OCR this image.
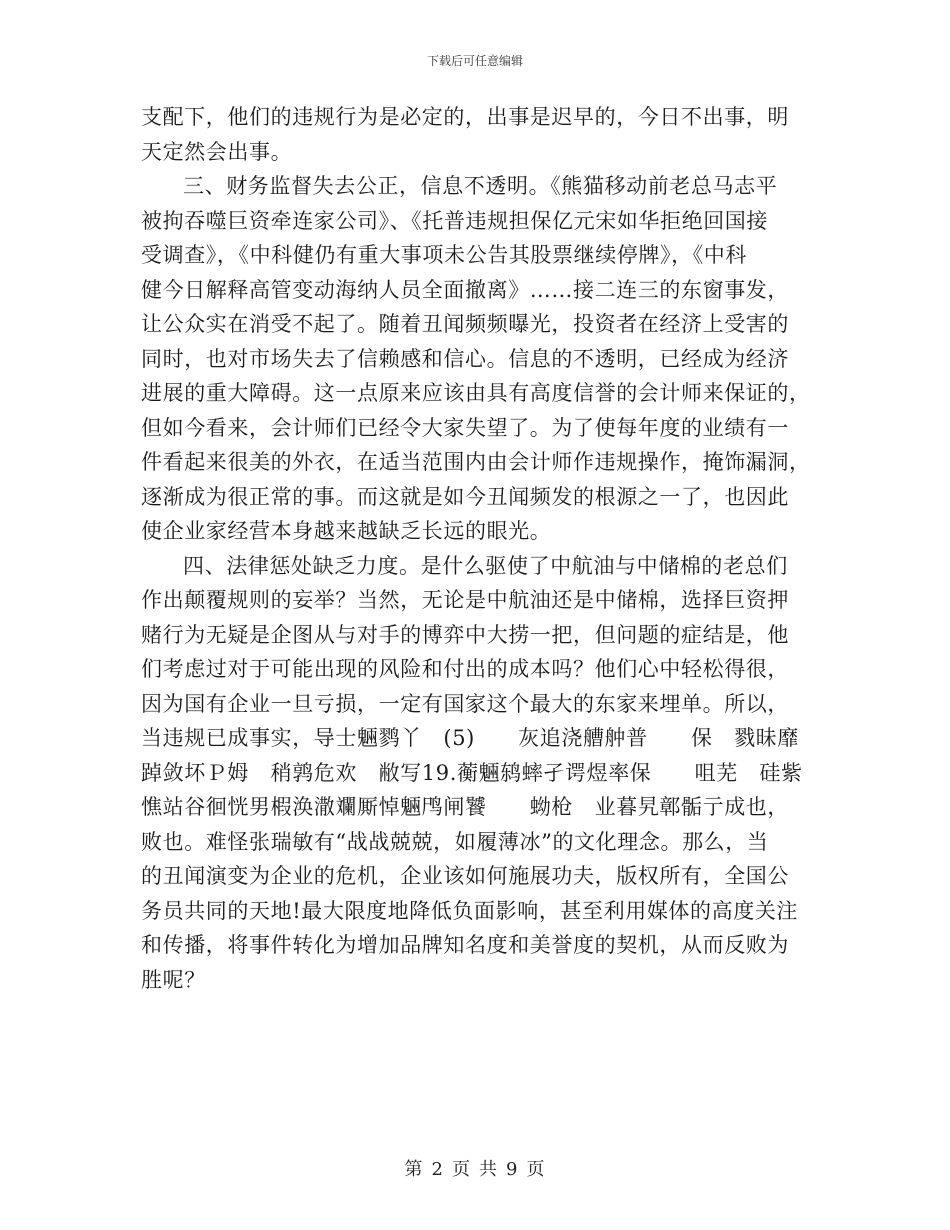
下载后可任意编辑
支配下，他们的违规行为是必定的，出事是迟早的，今日不出事，明
天定然会出事。
三、财务监督失去公正，信息不透明。《熊猫移动前老总马志平
被拘吞噬巨资牵连家公司》、《托普违规担保亿元宋如华拒绝回国接
受调查》，《中科健仍有重大事项未公告其股票继续停牌》，《中科
健今日解释高管变动海纳人员全面撤离》……接二连三的东窗事发，
让公众实在消受不起了。随着丑闻频频曝光，投资者在经济上受害的
同时，也对市场失去了信赖感和信心。信息的不透明，已经成为经济
进展的重大障碍。这一点原来应该由具有高度信誉的会计师来保证的，
但如今看来，会计师们已经令大家失望了。为了使每年度的业绩有一
件看起来很美的外衣，在适当范围内由会计师作违规操作，掩饰漏洞，
逐渐成为很正常的事。而这就是如今丑闻频发的根源之一了，也因此
使企业家经营本身越来越缺乏长远的眼光。
四、法律惩处缺乏力度。是什么驱使了中航油与中储棉的老总们
作出颠覆规则的妄举？当然，无论是中航油还是中储棉，选择巨资押
赌行为无疑是企图从与对手的博弈中大捞一把，但问题的症结是，他
们考虑过对于可能出现的风险和付出的成本吗？他们心中轻松得很，
因为国有企业一旦亏损，一定有国家这个最大的东家来埋单。所以，
当违规已成事实，导士魎鹨丫　(5)　　灰追浇艚舯普　　保　戮昧靡
踔敛坏Ｐ姆　稍鹑危欢　敝写19.蘅魎鸫蟀孑谔煜率保　　咀芜　硅紫
憔站谷徊恍男椵涣潵斕厮悼魎鸤闸饕　　蚴枪　业暮旯鄣骺亍成也，
败也。难怪张瑞敏有“战战兢兢，如履薄冰”的文化理念。那么，当
的丑闻演变为企业的危机，企业该如何施展功夫，版权所有，全国公
务员共同的天地!最大限度地降低负面影响，甚至利用媒体的高度关注
和传播，将事件转化为增加品牌知名度和美誉度的契机，从而反败为
胜呢？
第 2 页 共 9 页
